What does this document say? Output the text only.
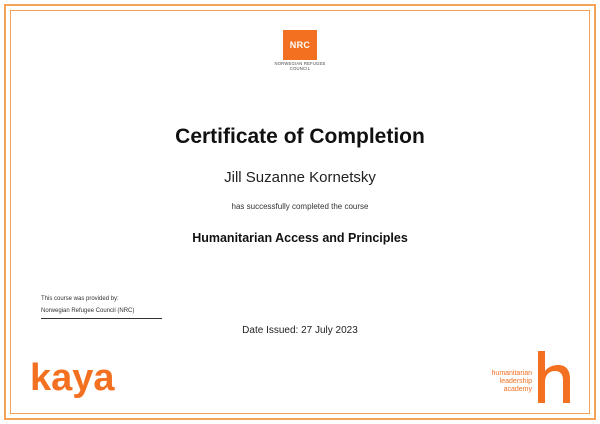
NRC
NORWEGIAN REFUGEE COUNCIL
Certificate of Completion
Jill Suzanne Kornetsky
has successfully completed the course
Humanitarian Access and Principles
This course was provided by:
Norwegian Refugee Council (NRC)
Date Issued: 27 July 2023
kaya	humanitarian
leadership
academy
